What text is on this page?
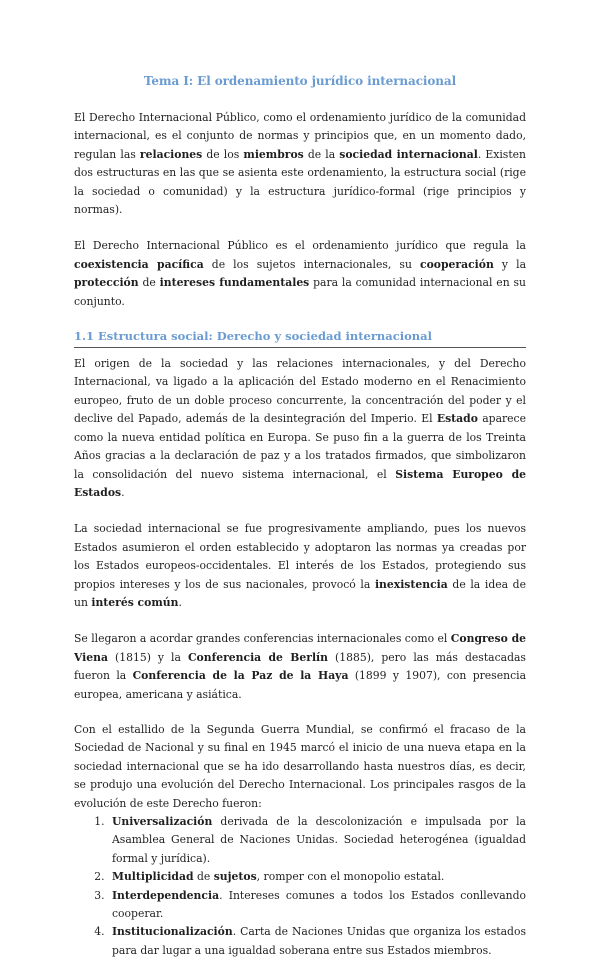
Tema I: El ordenamiento jurídico internacional

El Derecho Internacional Público, como el ordenamiento jurídico de la comunidad internacional, es el conjunto de normas y principios que, en un momento dado, regulan las relaciones de los miembros de la sociedad internacional. Existen dos estructuras en las que se asienta este ordenamiento, la estructura social (rige la sociedad o comunidad) y la estructura jurídico-formal (rige principios y normas).

El Derecho Internacional Público es el ordenamiento jurídico que regula la coexistencia pacífica de los sujetos internacionales, su cooperación y la protección de intereses fundamentales para la comunidad internacional en su conjunto.

1.1 Estructura social: Derecho y sociedad internacional

El origen de la sociedad y las relaciones internacionales, y del Derecho Internacional, va ligado a la aplicación del Estado moderno en el Renacimiento europeo, fruto de un doble proceso concurrente, la concentración del poder y el declive del Papado, además de la desintegración del Imperio. El Estado aparece como la nueva entidad política en Europa. Se puso fin a la guerra de los Treinta Años gracias a la declaración de paz y a los tratados firmados, que simbolizaron la consolidación del nuevo sistema internacional, el Sistema Europeo de Estados.

La sociedad internacional se fue progresivamente ampliando, pues los nuevos Estados asumieron el orden establecido y adoptaron las normas ya creadas por los Estados europeos-occidentales. El interés de los Estados, protegiendo sus propios intereses y los de sus nacionales, provocó la inexistencia de la idea de un interés común.

Se llegaron a acordar grandes conferencias internacionales como el Congreso de Viena (1815) y la Conferencia de Berlín (1885), pero las más destacadas fueron la Conferencia de la Paz de la Haya (1899 y 1907), con presencia europea, americana y asiática.

Con el estallido de la Segunda Guerra Mundial, se confirmó el fracaso de la Sociedad de Nacional y su final en 1945 marcó el inicio de una nueva etapa en la sociedad internacional que se ha ido desarrollando hasta nuestros días, es decir, se produjo una evolución del Derecho Internacional. Los principales rasgos de la evolución de este Derecho fueron:

1. Universalización derivada de la descolonización e impulsada por la Asamblea General de Naciones Unidas. Sociedad heterogénea (igualdad formal y jurídica).
2. Multiplicidad de sujetos, romper con el monopolio estatal.
3. Interdependencia. Intereses comunes a todos los Estados conllevando cooperar.
4. Institucionalización. Carta de Naciones Unidas que organiza los estados para dar lugar a una igualdad soberana entre sus Estados miembros.
